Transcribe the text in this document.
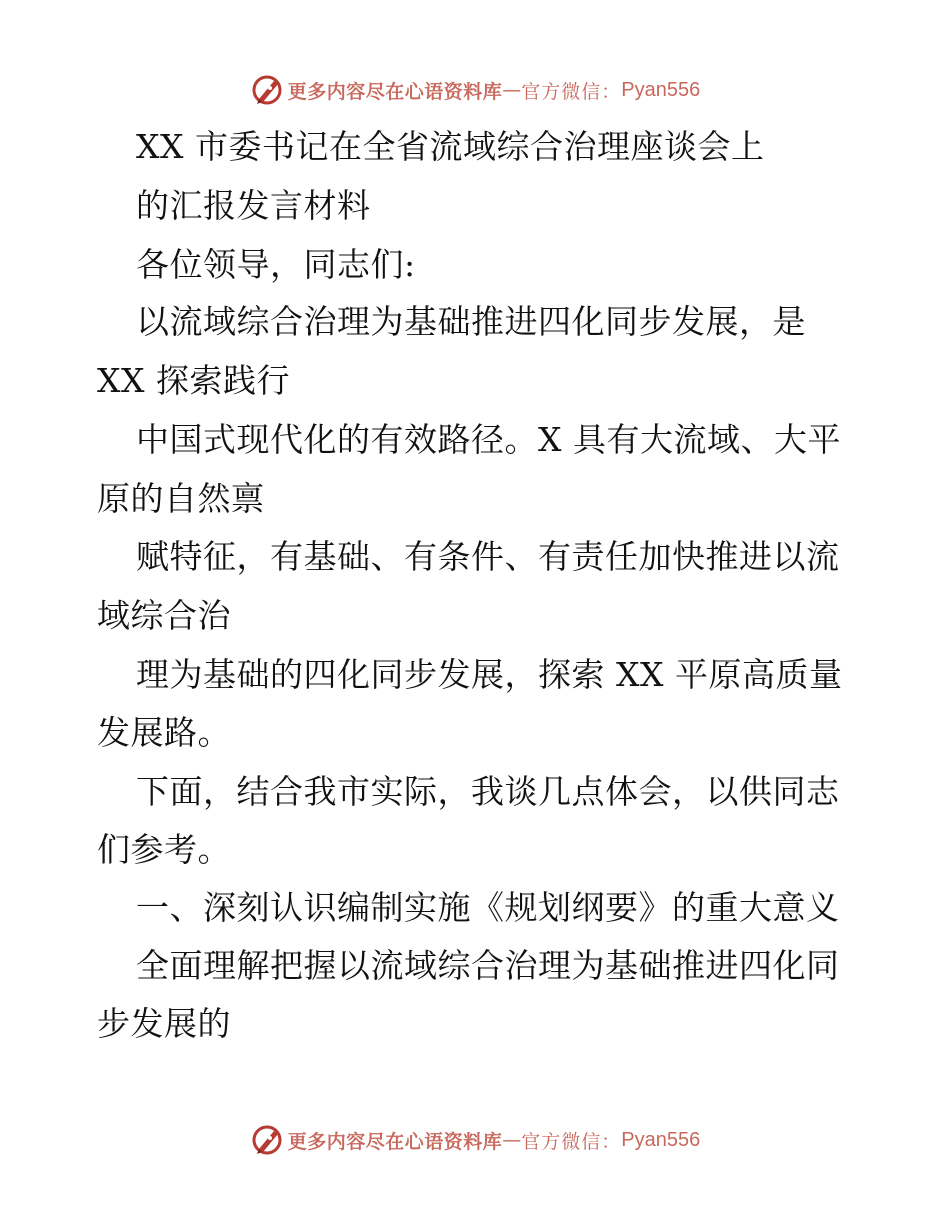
更多内容尽在心语资料库 — 官方微信： Pyan556
XX 市委书记在全省流域综合治理座谈会上
的汇报发言材料
各位领导，同志们:
以流域综合治理为基础推进四化同步发展，是
XX 探索践行
中国式现代化的有效路径。X 具有大流域、大平
原的自然禀
赋特征，有基础、有条件、有责任加快推进以流
域综合治
理为基础的四化同步发展，探索 XX 平原高质量
发展路。
下面，结合我市实际，我谈几点体会，以供同志
们参考。
一、深刻认识编制实施《规划纲要》的重大意义
全面理解把握以流域综合治理为基础推进四化同
步发展的
更多内容尽在心语资料库 — 官方微信： Pyan556
